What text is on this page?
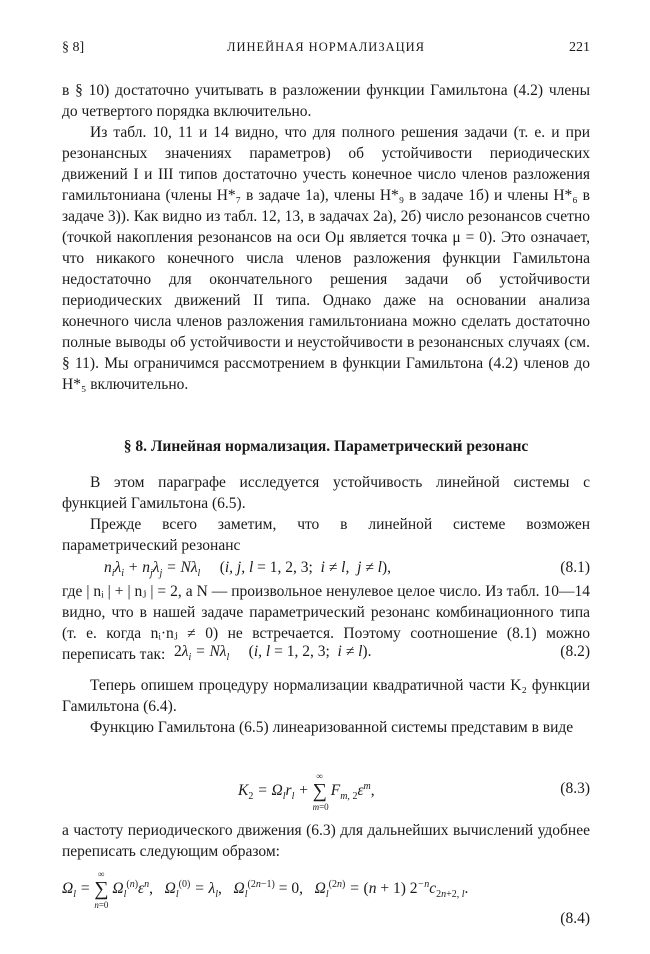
§ 8]	ЛИНЕЙНАЯ НОРМАЛИЗАЦИЯ	221

в § 10) достаточно учитывать в разложении функции Гамильтона (4.2) члены до четвертого порядка включительно.

Из табл. 10, 11 и 14 видно, что для полного решения задачи (т. е. и при резонансных значениях параметров) об устойчивости периодических движений I и III типов достаточно учесть конечное число членов разложения гамильтониана (члены H*₇ в задаче 1а), члены H*₉ в задаче 1б) и члены H*₆ в задаче 3)). Как видно из табл. 12, 13, в задачах 2а), 2б) число резонансов счетно (точкой накопления резонансов на оси Oμ является точка μ = 0). Это означает, что никакого конечного числа членов разложения функции Гамильтона недостаточно для окончательного решения задачи об устойчивости периодических движений II типа. Однако даже на основании анализа конечного числа членов разложения гамильтониана можно сделать достаточно полные выводы об устойчивости и неустойчивости в резонансных случаях (см. § 11). Мы ограничимся рассмотрением в функции Гамильтона (4.2) членов до H*₅ включительно.

§ 8. Линейная нормализация. Параметрический резонанс

В этом параграфе исследуется устойчивость линейной системы с функцией Гамильтона (6.5).

Прежде всего заметим, что в линейной системе возможен параметрический резонанс

$n_i\lambda_i + n_j\lambda_j = N\lambda_l$ (i, j, l = 1, 2, 3;  i ≠ l,  j ≠ l),	(8.1)

где | nᵢ | + | nⱼ | = 2, а N — произвольное ненулевое целое число. Из табл. 10—14 видно, что в нашей задаче параметрический резонанс комбинационного типа (т. е. когда nᵢ·nⱼ ≠ 0) не встречается. Поэтому соотношение (8.1) можно переписать так: $2\lambda_i = N\lambda_l$ (i, l = 1, 2, 3;  i ≠ l).	(8.2)

Теперь опишем процедуру нормализации квадратичной части K₂ функции Гамильтона (6.4).

Функцию Гамильтона (6.5) линеаризованной системы представим в виде

$K_2 = \Omega_lr_l$ + ∑
∞
m=0
$F_{m, 2}\varepsilon^m$,	(8.3)

а частоту периодического движения (6.3) для дальнейших вычислений удобнее переписать следующим образом:

$\Omega_l$ = ∑
∞
n=0
$\Omega_l^{(n)}\varepsilon^n$,   $\Omega_l^{(0)} = \lambda_l$,   $\Omega_l^{(2n-1)} = 0$,   $\Omega_l^{(2n)} = (n + 1)$ $2^{-n}c_{2n+2, l}$.
(8.4)
